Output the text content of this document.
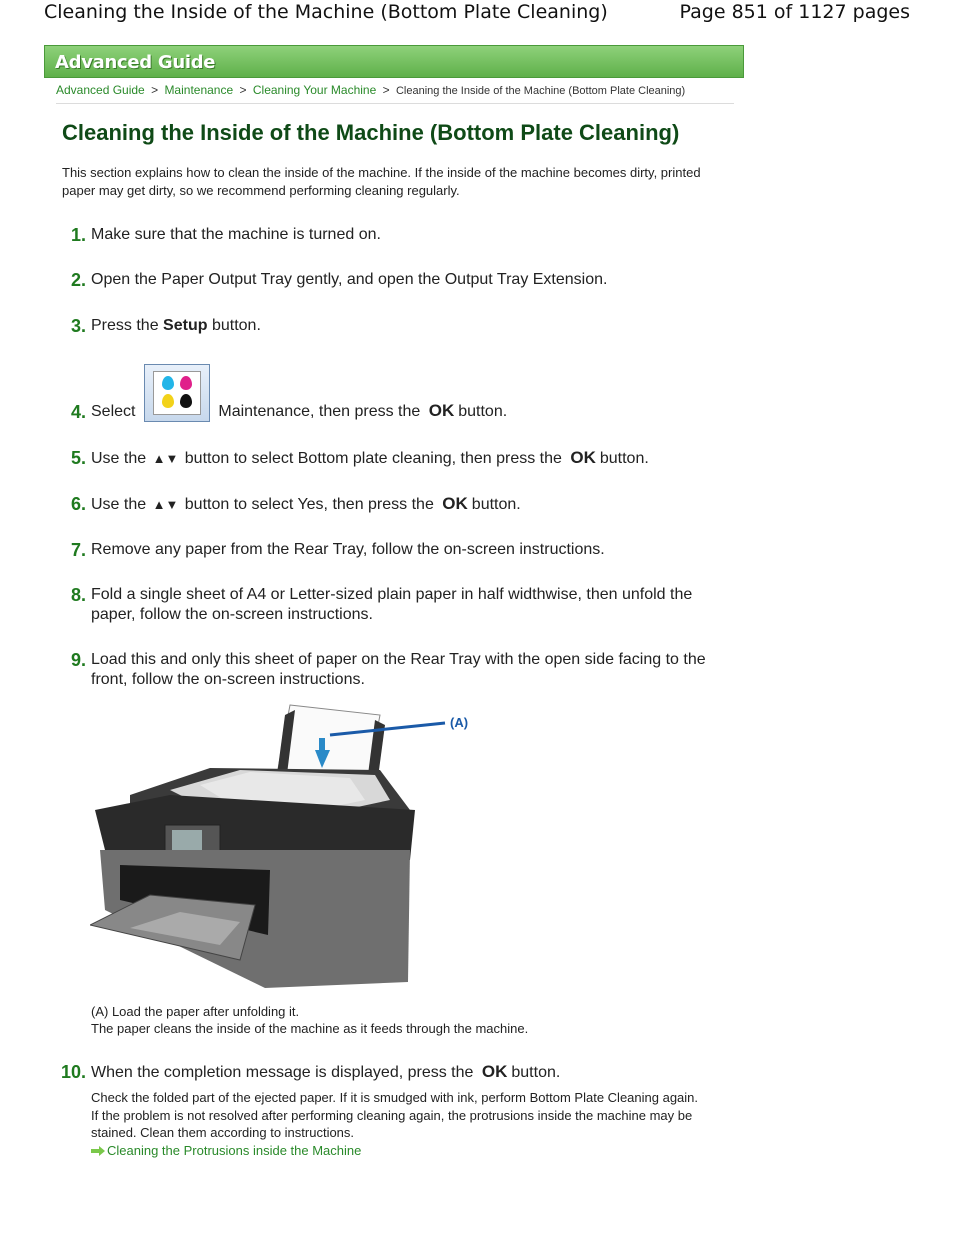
Cleaning the Inside of the Machine (Bottom Plate Cleaning)	Page 851 of 1127 pages
Advanced Guide
Advanced Guide > Maintenance > Cleaning Your Machine > Cleaning the Inside of the Machine (Bottom Plate Cleaning)
Cleaning the Inside of the Machine (Bottom Plate Cleaning)
This section explains how to clean the inside of the machine. If the inside of the machine becomes dirty, printed paper may get dirty, so we recommend performing cleaning regularly.
1. Make sure that the machine is turned on.
2. Open the Paper Output Tray gently, and open the Output Tray Extension.
3. Press the Setup button.
4. Select	Maintenance, then press the OK button.
5. Use the ▲▼ button to select Bottom plate cleaning, then press the OK button.
6. Use the ▲▼ button to select Yes, then press the OK button.
7. Remove any paper from the Rear Tray, follow the on-screen instructions.
8. Fold a single sheet of A4 or Letter-sized plain paper in half widthwise, then unfold the paper, follow the on-screen instructions.
9. Load this and only this sheet of paper on the Rear Tray with the open side facing to the front, follow the on-screen instructions.
(A)
(A) Load the paper after unfolding it.
The paper cleans the inside of the machine as it feeds through the machine.
10. When the completion message is displayed, press the OK button.
Check the folded part of the ejected paper. If it is smudged with ink, perform Bottom Plate Cleaning again.
If the problem is not resolved after performing cleaning again, the protrusions inside the machine may be stained. Clean them according to instructions.
Cleaning the Protrusions inside the Machine
